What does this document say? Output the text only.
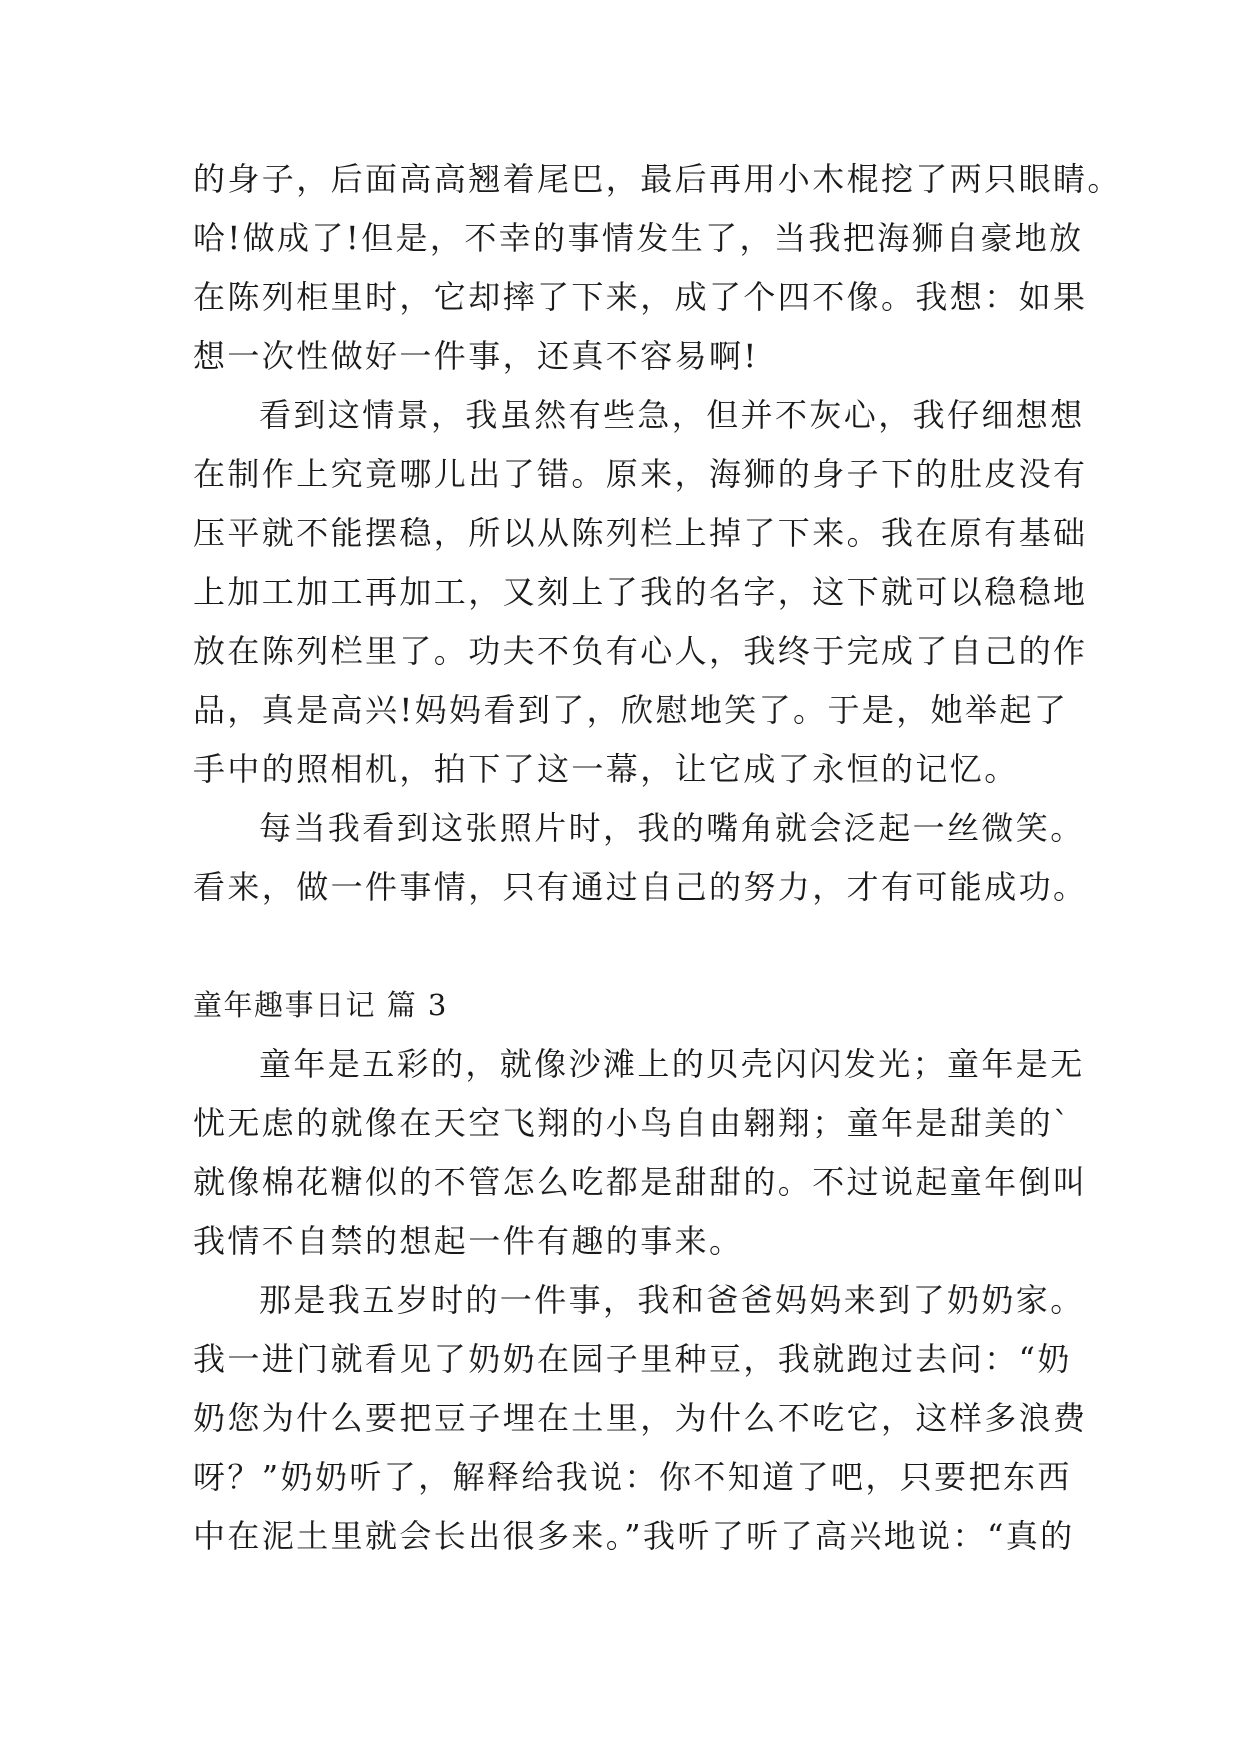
的身子，后面高高翘着尾巴，最后再用小木棍挖了两只眼睛。
哈!做成了!但是，不幸的事情发生了，当我把海狮自豪地放
在陈列柜里时，它却摔了下来，成了个四不像。我想：如果
想一次性做好一件事，还真不容易啊!
看到这情景，我虽然有些急，但并不灰心，我仔细想想
在制作上究竟哪儿出了错。原来，海狮的身子下的肚皮没有
压平就不能摆稳，所以从陈列栏上掉了下来。我在原有基础
上加工加工再加工，又刻上了我的名字，这下就可以稳稳地
放在陈列栏里了。功夫不负有心人，我终于完成了自己的作
品，真是高兴!妈妈看到了，欣慰地笑了。于是，她举起了
手中的照相机，拍下了这一幕，让它成了永恒的记忆。
每当我看到这张照片时，我的嘴角就会泛起一丝微笑。
看来，做一件事情，只有通过自己的努力，才有可能成功。
童年趣事日记 篇 3
童年是五彩的，就像沙滩上的贝壳闪闪发光；童年是无
忧无虑的就像在天空飞翔的小鸟自由翱翔；童年是甜美的`
就像棉花糖似的不管怎么吃都是甜甜的。不过说起童年倒叫
我情不自禁的想起一件有趣的事来。
那是我五岁时的一件事，我和爸爸妈妈来到了奶奶家。
我一进门就看见了奶奶在园子里种豆，我就跑过去问：“奶
奶您为什么要把豆子埋在土里，为什么不吃它，这样多浪费
呀？”奶奶听了，解释给我说：你不知道了吧，只要把东西
中在泥土里就会长出很多来。”我听了听了高兴地说：“真的
